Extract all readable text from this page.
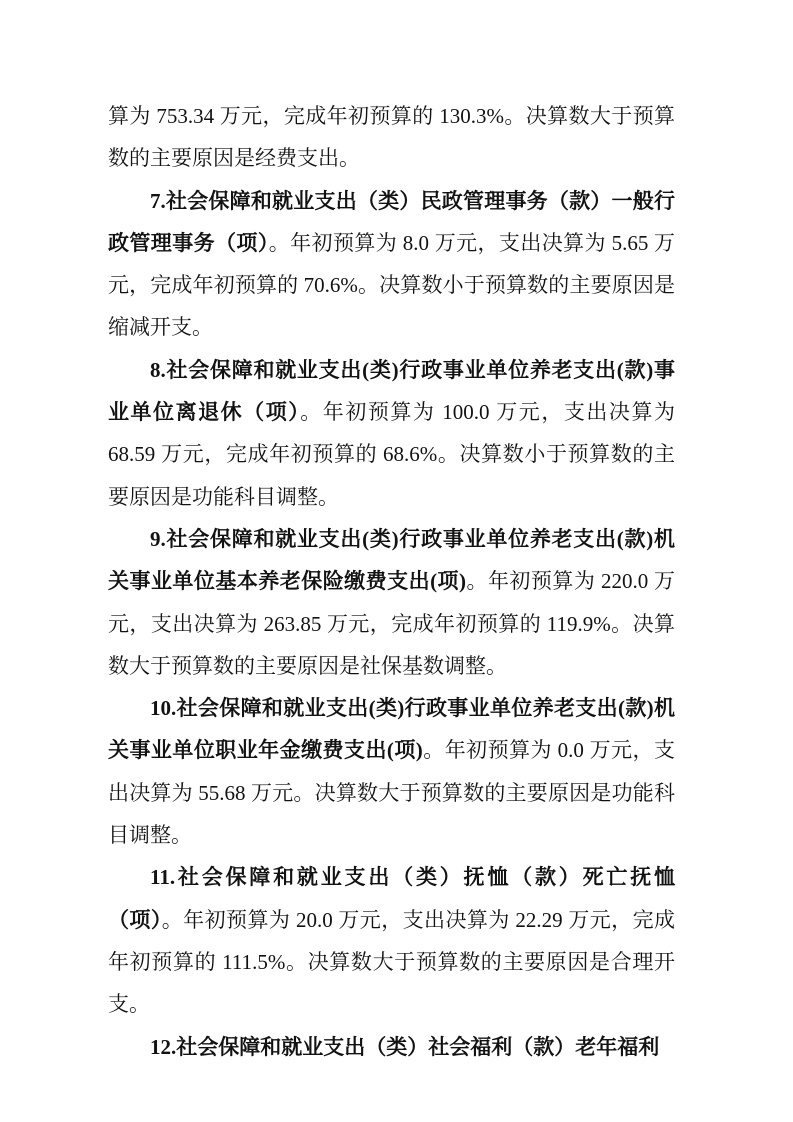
算为 753.34 万元，完成年初预算的 130.3%。决算数大于预算数的主要原因是经费支出。

7.社会保障和就业支出（类）民政管理事务（款）一般行政管理事务（项）。年初预算为 8.0 万元，支出决算为 5.65 万元，完成年初预算的 70.6%。决算数小于预算数的主要原因是缩减开支。

8.社会保障和就业支出(类)行政事业单位养老支出(款)事业单位离退休（项）。年初预算为 100.0 万元，支出决算为 68.59 万元，完成年初预算的 68.6%。决算数小于预算数的主要原因是功能科目调整。

9.社会保障和就业支出(类)行政事业单位养老支出(款)机关事业单位基本养老保险缴费支出(项)。年初预算为 220.0 万元，支出决算为 263.85 万元，完成年初预算的 119.9%。决算数大于预算数的主要原因是社保基数调整。

10.社会保障和就业支出(类)行政事业单位养老支出(款)机关事业单位职业年金缴费支出(项)。年初预算为 0.0 万元，支出决算为 55.68 万元。决算数大于预算数的主要原因是功能科目调整。

11.社会保障和就业支出（类）抚恤（款）死亡抚恤（项）。年初预算为 20.0 万元，支出决算为 22.29 万元，完成年初预算的 111.5%。决算数大于预算数的主要原因是合理开支。

12.社会保障和就业支出（类）社会福利（款）老年福利
